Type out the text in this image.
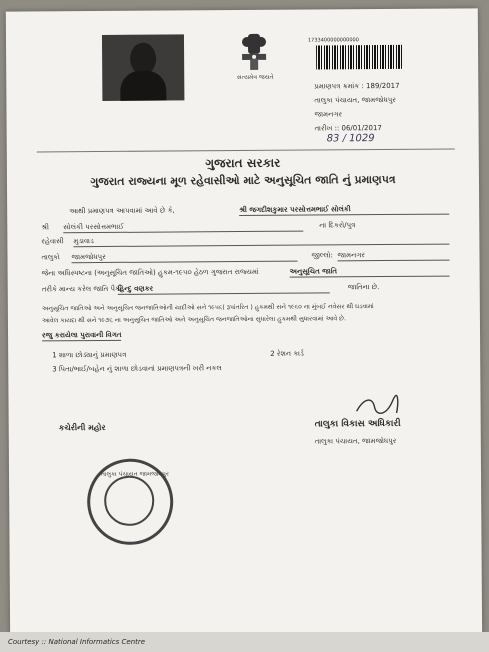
સત્યમેવ જયતે
1733400000000000
પ્રમાણપત્ર ક્રમાંક : 189/2017
તાલુકા પંચાયત, જામજોધપુર
જામનગર
તારીખ :: 06/01/2017
83 / 1029
ગુજરાત સરકાર
ગુજરાત રાજ્યના મૂળ રહેવાસીઓ માટે અનુસૂચિત જાતિ નું પ્રમાણપત્ર
આથી પ્રમાણપત્ર આપવામાં આવે છે કે,	શ્રી જગદીશકુમાર પરસોત્તમભાઈ સોલંકી
શ્રી સોલંકી પરસોત્તમભાઈ	ના દિકરો/પુત્ર
રહેવાસી મુડાવાડ
તાલુકો જામજોધપુર	જીલ્લો: જામનગર
જેના અધિસ્પષ્ટના (અનુસૂચિત જાતિઓ) હુકમ-૧૯૫૦ હેઠળ ગુજરાત રાજ્યમાં	અનુસૂચિત જાતિ
તરીકે માન્ય કરેલ જાતિ પૈકી
હિન્દુ વણકર	જાતિના છે.
અનુસૂચિત જાતિઓ અને અનુસૂચિત જનજાતિઓની યાદીઓ સને ૧૯૫૬( રૂપાંતરિત ) હુકમથી સને ૧૯૬૦ ના મુંબઈ નવેસર થી ઘડવામાં
આવેલ કાયદા થી સને ૧૯૭૬ ના અનુસૂચિત જાતિઓ અને અનુસૂચિત જનજાતિઓના સુધારેલા હુકમથી સુધારવામાં આવે છે.
રજુ કરાયેલા પુરાવાની વિગત
1 શાળા છોડ્યાનું પ્રમાણપત્ર	2 રેશન કાર્ડ
3 પિતા/ભાઈ/બહેન નું શાળા છોડવાનાં પ્રમાણપત્રની ખરી નકલ
કચેરીની મહોર	તાલુકા વિકાસ અધિકારી
તાલુકા પંચાયત, જામજોધપુર
તાલુકા પંચાયત જામજોધપુર
Courtesy :: National Informatics Centre
